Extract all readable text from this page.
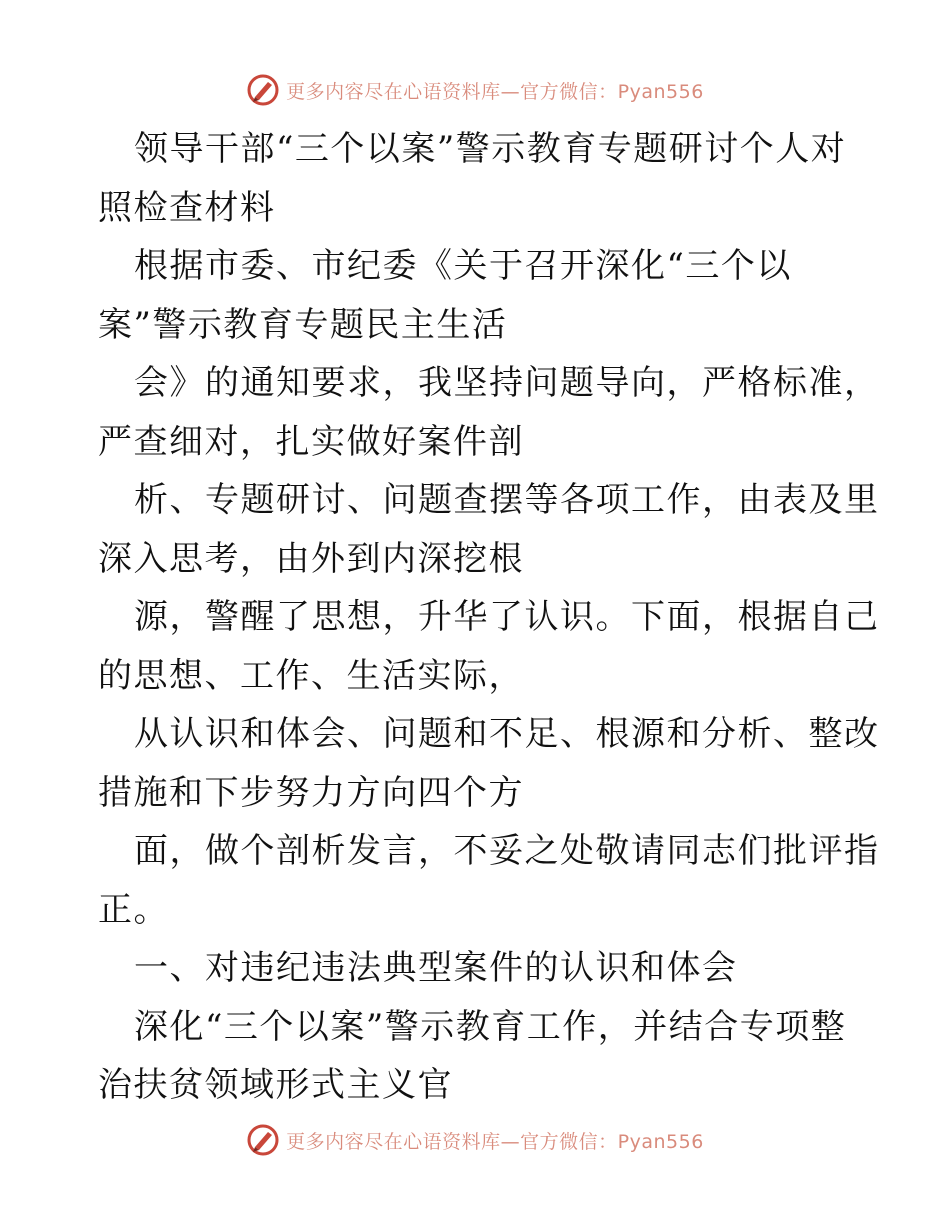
更多内容尽在心语资料库—官方微信：Pyan556

领导干部“三个以案”警示教育专题研讨个人对
照检查材料

根据市委、市纪委《关于召开深化“三个以
案”警示教育专题民主生活

会》的通知要求，我坚持问题导向，严格标准，
严查细对，扎实做好案件剖

析、专题研讨、问题查摆等各项工作，由表及里
深入思考，由外到内深挖根

源，警醒了思想，升华了认识。下面，根据自己
的思想、工作、生活实际，

从认识和体会、问题和不足、根源和分析、整改
措施和下步努力方向四个方

面，做个剖析发言，不妥之处敬请同志们批评指
正。

一、对违纪违法典型案件的认识和体会

深化“三个以案”警示教育工作，并结合专项整
治扶贫领域形式主义官

更多内容尽在心语资料库—官方微信：Pyan556
